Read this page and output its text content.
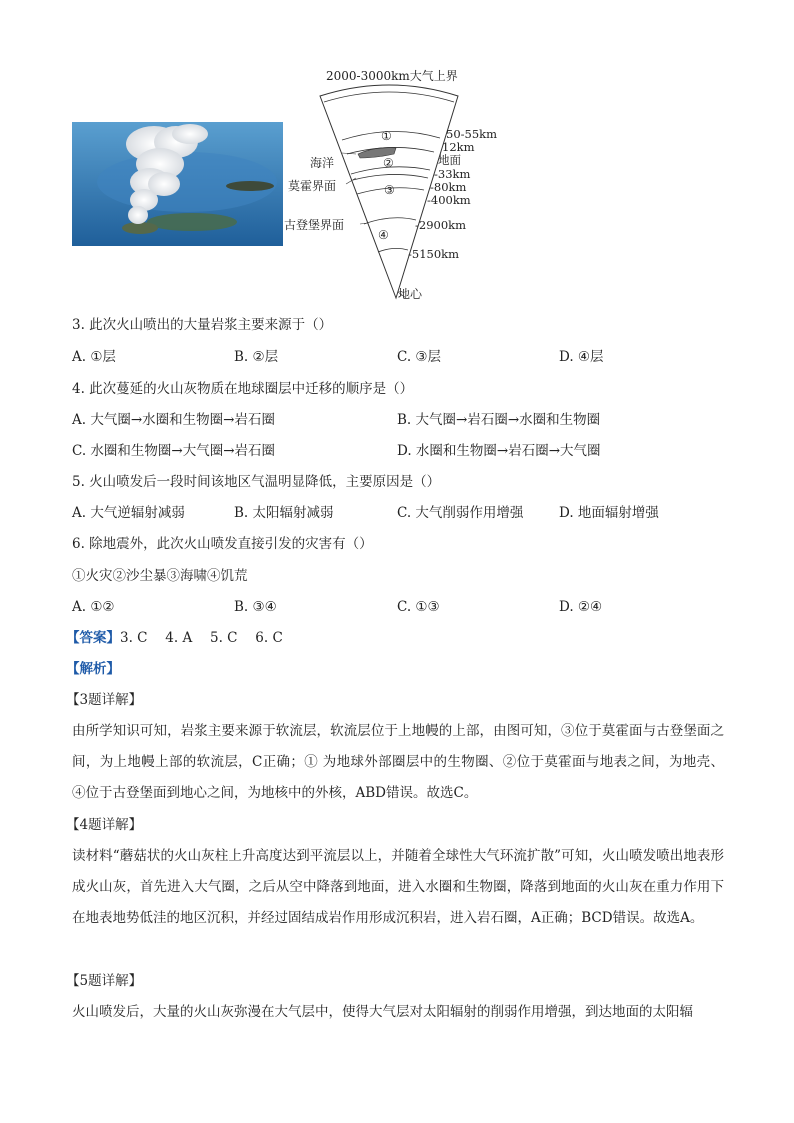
①
②
③
④
2000-3000km大气上界
海洋
莫霍界面
古登堡界面
50-55km
12km
地面
-33km
-80km
-400km
-2900km
-5150km
地心
3. 此次火山喷出的大量岩浆主要来源于（）
A. ①层	B. ②层	C. ③层	D. ④层
4. 此次蔓延的火山灰物质在地球圈层中迁移的顺序是（）
A. 大气圈→水圈和生物圈→岩石圈	B. 大气圈→岩石圈→水圈和生物圈
C. 水圈和生物圈→大气圈→岩石圈	D. 水圈和生物圈→岩石圈→大气圈
5. 火山喷发后一段时间该地区气温明显降低，主要原因是（）
A. 大气逆辐射减弱	B. 太阳辐射减弱	C. 大气削弱作用增强	D. 地面辐射增强
6. 除地震外，此次火山喷发直接引发的灾害有（）
①火灾②沙尘暴③海啸④饥荒
A. ①②	B. ③④	C. ①③	D. ②④
【答案】3. C　 4. A　 5. C　 6. C
【解析】
【3题详解】
由所学知识可知，岩浆主要来源于软流层，软流层位于上地幔的上部，由图可知，③位于莫霍面与古登堡面之间，为上地幔上部的软流层，C正确；① 为地球外部圈层中的生物圈、②位于莫霍面与地表之间，为地壳、 ④位于古登堡面到地心之间，为地核中的外核，ABD错误。故选C。
【4题详解】
读材料“蘑菇状的火山灰柱上升高度达到平流层以上，并随着全球性大气环流扩散”可知，火山喷发喷出地表形成火山灰，首先进入大气圈，之后从空中降落到地面，进入水圈和生物圈，降落到地面的火山灰在重力作用下在地表地势低洼的地区沉积，并经过固结成岩作用形成沉积岩，进入岩石圈，A正确；BCD错误。故选A。
【5题详解】
火山喷发后，大量的火山灰弥漫在大气层中，使得大气层对太阳辐射的削弱作用增强，到达地面的太阳辐
